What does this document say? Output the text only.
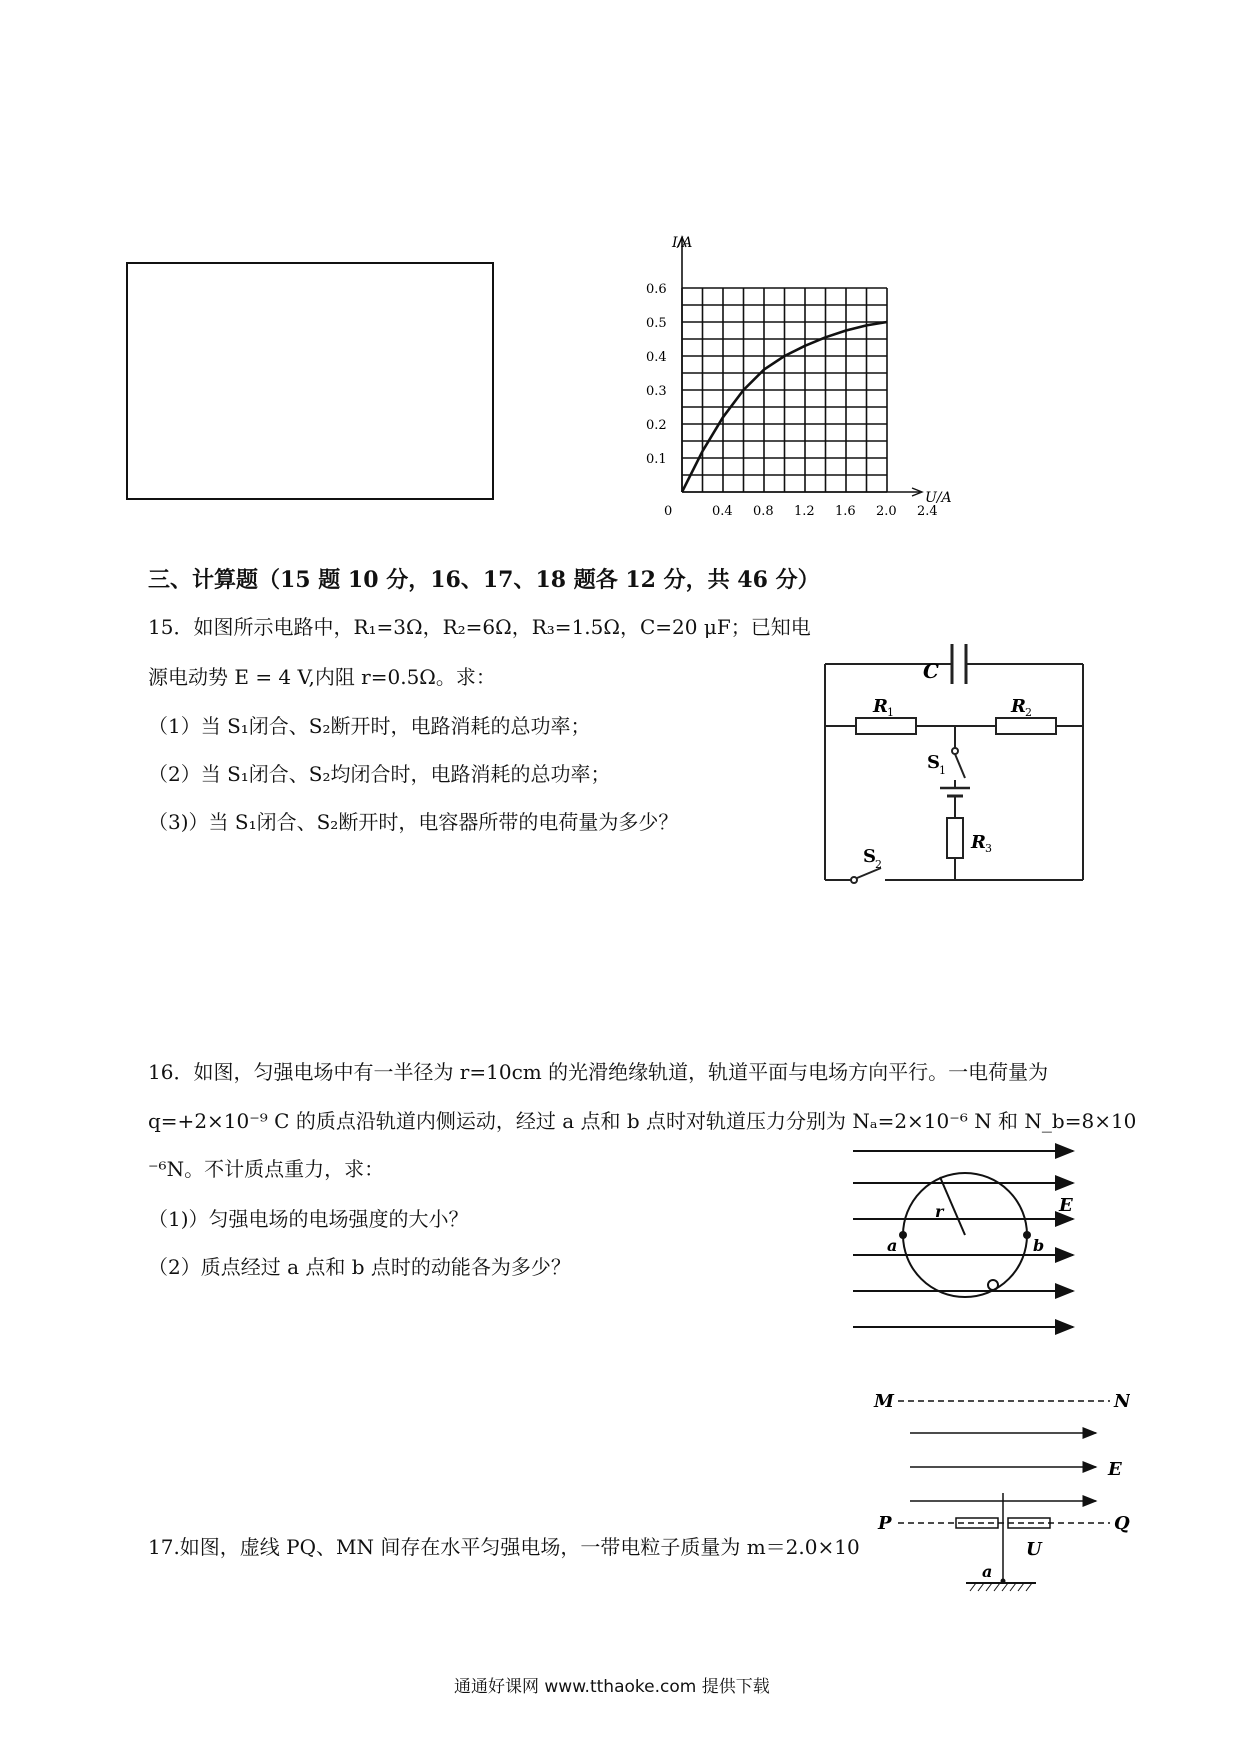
0.4 0.8 1.2 1.6 2.0 2.4
0.1
0.2
0.3
0.4
0.5
0.6
I/A
U/A
0
三、计算题（15 题 10 分，16、17、18 题各 12 分，共 46 分）
15．如图所示电路中，R₁=3Ω，R₂=6Ω，R₃=1.5Ω，C=20 μF；已知电
源电动势 E = 4 V,内阻 r=0.5Ω。求：
（1）当 S₁闭合、S₂断开时，电路消耗的总功率；
（2）当 S₁闭合、S₂均闭合时，电路消耗的总功率；
（3)）当 S₁闭合、S₂断开时，电容器所带的电荷量为多少？
C
R 1	R 2
S 1
R 3
S 2
16．如图，匀强电场中有一半径为 r=10cm 的光滑绝缘轨道，轨道平面与电场方向平行。一电荷量为
q=+2×10⁻⁹ C 的质点沿轨道内侧运动，经过 a 点和 b 点时对轨道压力分别为 Nₐ=2×10⁻⁶ N 和 N_b=8×10
⁻⁶N。不计质点重力，求：
（1)）匀强电场的电场强度的大小？
（2）质点经过 a 点和 b 点时的动能各为多少？
r	E
a	b
M	N
E
P	Q
U
a
17.如图，虚线 PQ、MN 间存在水平匀强电场，一带电粒子质量为 m＝2.0×10
通通好课网 www.tthaoke.com 提供下载
